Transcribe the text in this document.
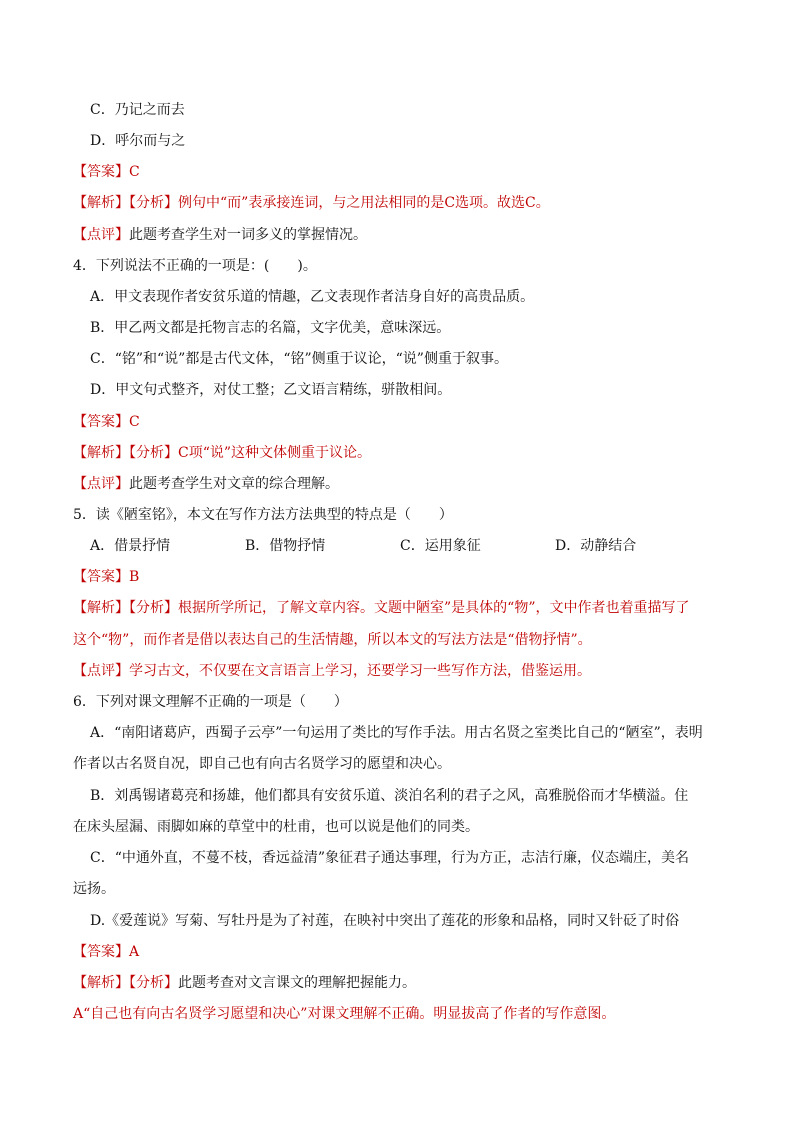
C．乃记之而去
D．呼尔而与之
【答案】C
【解析】【分析】例句中“而”表承接连词，与之用法相同的是C选项。故选C。
【点评】此题考查学生对一词多义的掌握情况。
4．下列说法不正确的一项是：(　　)。
A．甲文表现作者安贫乐道的情趣，乙文表现作者洁身自好的高贵品质。
B．甲乙两文都是托物言志的名篇，文字优美，意味深远。
C．“铭”和“说”都是古代文体，“铭”侧重于议论，“说”侧重于叙事。
D．甲文句式整齐，对仗工整；乙文语言精练，骈散相间。
【答案】C
【解析】【分析】C项“说”这种文体侧重于议论。
【点评】此题考查学生对文章的综合理解。
5．读《陋室铭》，本文在写作方法方法典型的特点是（　　）
A．借景抒情	B．借物抒情	C．运用象征	D．动静结合
【答案】B
【解析】【分析】根据所学所记，了解文章内容。文题中陋室”是具体的“物”，文中作者也着重描写了
这个“物”，而作者是借以表达自己的生活情趣，所以本文的写法方法是“借物抒情”。
【点评】学习古文，不仅要在文言语言上学习，还要学习一些写作方法，借鉴运用。
6．下列对课文理解不正确的一项是（　　）
A．“南阳诸葛庐，西蜀子云亭”一句运用了类比的写作手法。用古名贤之室类比自己的“陋室”，表明
作者以古名贤自况，即自己也有向古名贤学习的愿望和决心。
B．刘禹锡诸葛亮和扬雄，他们都具有安贫乐道、淡泊名利的君子之风，高雅脱俗而才华横溢。住
在床头屋漏、雨脚如麻的草堂中的杜甫，也可以说是他们的同类。
C．“中通外直，不蔓不枝，香远益清”象征君子通达事理，行为方正，志洁行廉，仪态端庄，美名
远扬。
D.《爱莲说》写菊、写牡丹是为了衬莲，在映衬中突出了莲花的形象和品格，同时又针砭了时俗
【答案】A
【解析】【分析】此题考查对文言课文的理解把握能力。
A“自己也有向古名贤学习愿望和决心”对课文理解不正确。明显拔高了作者的写作意图。
